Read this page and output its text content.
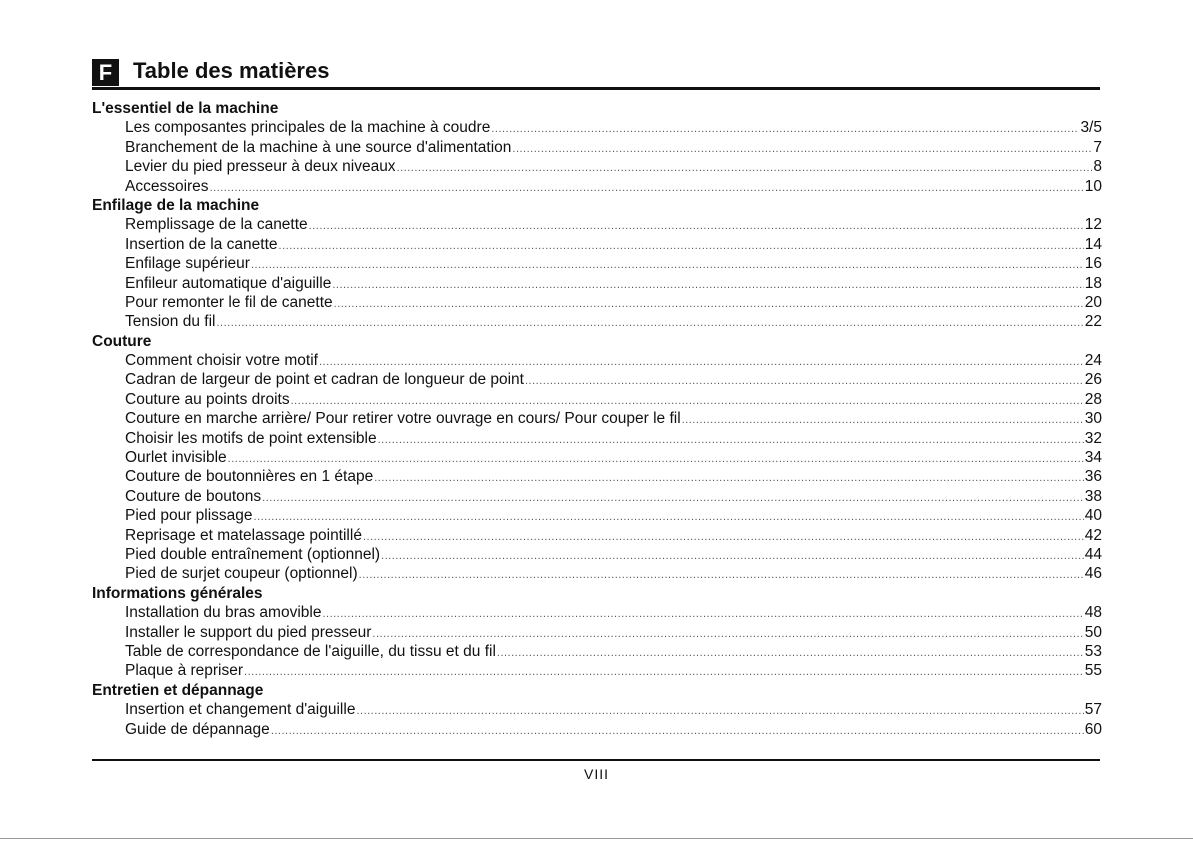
F Table des matières
L'essentiel de la machine
Les composantes principales de la machine à coudre .....	3/5
Branchement de la machine à une source d'alimentation .....	7
Levier du pied presseur à deux niveaux .....	8
Accessoires .....	10
Enfilage de la machine
Remplissage de la canette .....	12
Insertion de la canette .....	14
Enfilage supérieur .....	16
Enfileur automatique d'aiguille .....	18
Pour remonter le fil de canette .....	20
Tension du fil .....	22
Couture
Comment choisir votre motif .....	24
Cadran de largeur de point et cadran de longueur de point .....	26
Couture au points droits .....	28
Couture en marche arrière/ Pour retirer votre ouvrage en cours/ Pour couper le fil .....	30
Choisir les motifs de point extensible .....	32
Ourlet invisible .....	34
Couture de boutonnières en 1 étape .....	36
Couture de boutons .....	38
Pied pour plissage .....	40
Reprisage et matelassage pointillé .....	42
Pied double entraînement (optionnel) .....	44
Pied de surjet coupeur (optionnel) .....	46
Informations générales
Installation du bras amovible .....	48
Installer le support du pied presseur .....	50
Table de correspondance de l'aiguille, du tissu et du fil .....	53
Plaque à repriser .....	55
Entretien et dépannage
Insertion et changement d'aiguille .....	57
Guide de dépannage .....	60
VIII
